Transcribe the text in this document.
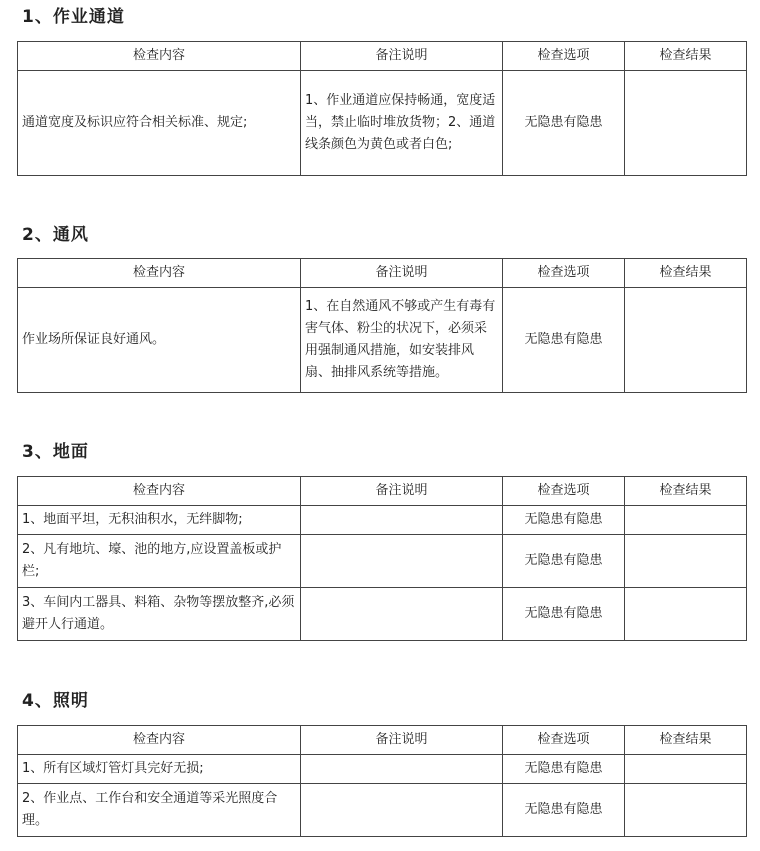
1、作业通道
检查内容	备注说明	检查选项	检查结果
通道宽度及标识应符合相关标准、规定;	1、作业通道应保持畅通，宽度适当，禁止临时堆放货物；2、通道线条颜色为黄色或者白色;	无隐患有隐患	
2、通风
检查内容	备注说明	检查选项	检查结果
作业场所保证良好通风。	1、在自然通风不够或产生有毒有害气体、粉尘的状况下，必须采用强制通风措施，如安装排风扇、抽排风系统等措施。	无隐患有隐患	
3、地面
检查内容	备注说明	检查选项	检查结果
1、地面平坦，无积油积水，无绊脚物;		无隐患有隐患	
2、凡有地坑、壕、池的地方,应设置盖板或护栏;		无隐患有隐患	
3、车间内工器具、料箱、杂物等摆放整齐,必须避开人行通道。		无隐患有隐患	
4、照明
检查内容	备注说明	检查选项	检查结果
1、所有区域灯管灯具完好无损;		无隐患有隐患	
2、作业点、工作台和安全通道等采光照度合理。		无隐患有隐患	
